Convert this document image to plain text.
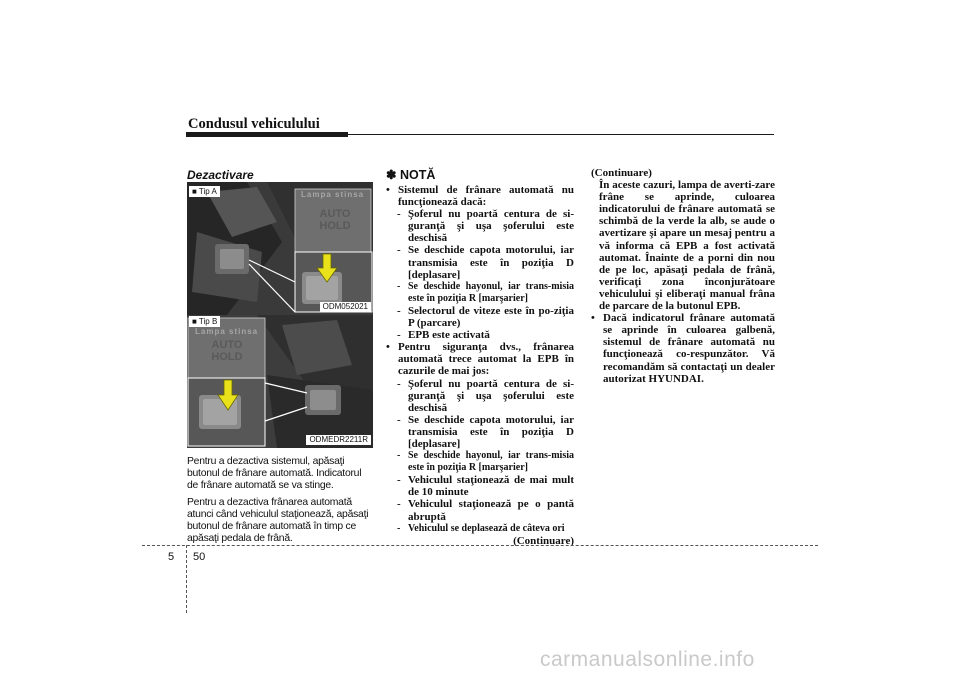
Condusul vehiculului
Dezactivare
■ Tip A	Lampa stinsa
AUTO
HOLD
ODM052021
■ Tip B
Lampa stinsa
AUTO
HOLD
ODMEDR2211R
Pentru a dezactiva sistemul, apăsaţi butonul de frânare automată. Indicatorul de frânare automată se va stinge.
Pentru a dezactiva frânarea automată atunci când vehiculul staţionează, apăsaţi butonul de frânare automată în timp ce apăsaţi pedala de frână.
✽ NOTĂ
• Sistemul de frânare automată nu funcţionează dacă:
- Şoferul nu poartă centura de si-guranţă şi uşa şoferului este deschisă
- Se deschide capota motorului, iar transmisia este în poziţia D [deplasare]
- Se deschide hayonul, iar trans-misia este în poziţia R [marşarier]
- Selectorul de viteze este în po-ziţia P (parcare)
- EPB este activată
• Pentru siguranţa dvs., frânarea automată trece automat la EPB în cazurile de mai jos:
- Şoferul nu poartă centura de si-guranţă şi uşa şoferului este deschisă
- Se deschide capota motorului, iar transmisia este în poziţia D [deplasare]
- Se deschide hayonul, iar trans-misia este în poziţia R [marşarier]
- Vehiculul staţionează de mai mult de 10 minute
- Vehiculul staţionează pe o pantă abruptă
- Vehiculul se deplasează de câteva ori
(Continuare)
(Continuare)
În aceste cazuri, lampa de averti-zare frâne se aprinde, culoarea indicatorului de frânare automată se schimbă de la verde la alb, se aude o avertizare şi apare un mesaj pentru a vă informa că EPB a fost activată automat. Înainte de a porni din nou de pe loc, apăsaţi pedala de frână, verificaţi zona înconjurătoare vehiculului şi eliberaţi manual frâna de parcare de la butonul EPB.
• Dacă indicatorul frânare automată se aprinde în culoarea galbenă, sistemul de frânare automată nu funcţionează co-respunzător. Vă recomandăm să contactaţi un dealer autorizat HYUNDAI.
5 50
carmanualsonline.info
